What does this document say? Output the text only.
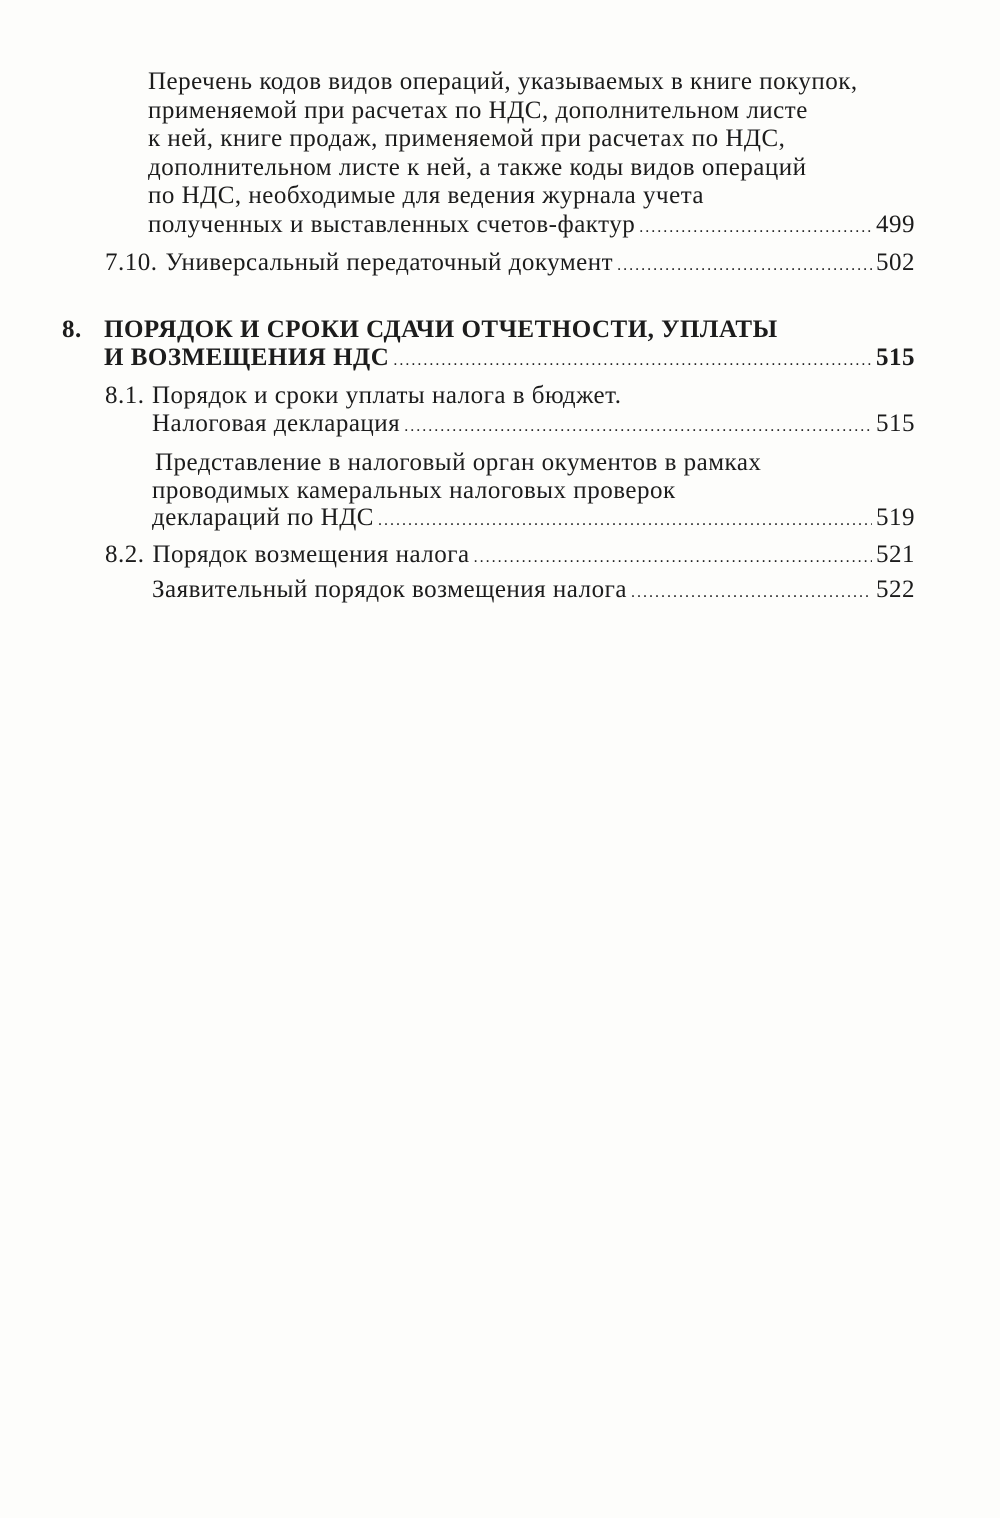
Перечень кодов видов операций, указываемых в книге покупок,
применяемой при расчетах по НДС, дополнительном листе
к ней, книге продаж, применяемой при расчетах по НДС,
дополнительном листе к ней, а также коды видов операций
по НДС, необходимые для ведения журнала учета
полученных и выставленных счетов-фактур . . .	499
7.10. Универсальный передаточный документ . . .	502
8. ПОРЯДОК И СРОКИ СДАЧИ ОТЧЕТНОСТИ, УПЛАТЫ
И ВОЗМЕЩЕНИЯ НДС . . .	515
8.1. Порядок и сроки уплаты налога в бюджет.
Налоговая декларация . . .	515
Представление в налоговый орган окументов в рамках
проводимых камеральных налоговых проверок
деклараций по НДС . . .	519
8.2. Порядок возмещения налога . . .	521
Заявительный порядок возмещения налога . . .	522
